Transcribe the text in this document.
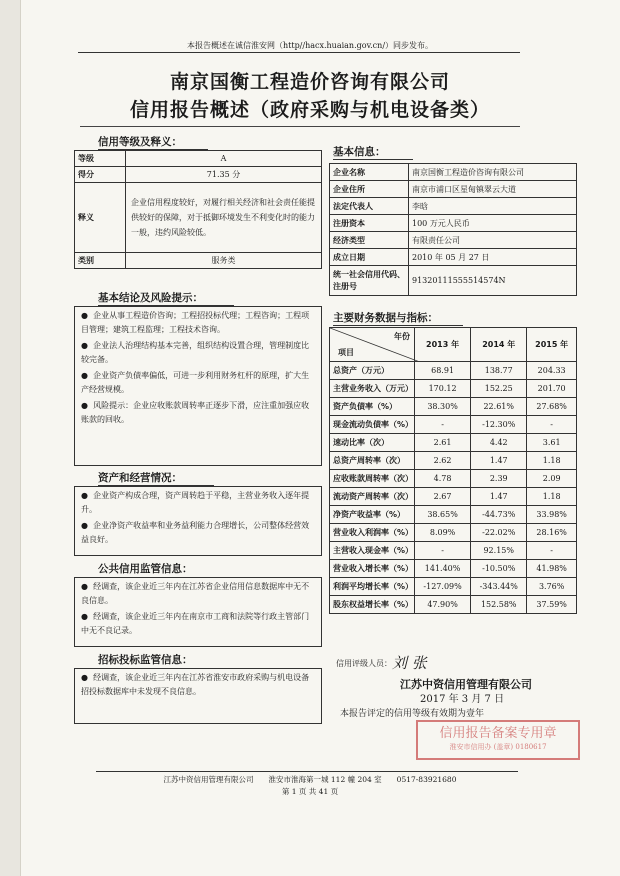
本报告概述在诚信淮安网（http//hacx.huaian.gov.cn/）同步发布。
南京国衡工程造价咨询有限公司
信用报告概述（政府采购与机电设备类）
信用等级及释义：
等级	A
得分	71.35 分
释义	企业信用程度较好，对履行相关经济和社会责任能提供较好的保障，对于抵御环境发生不利变化时的能力一般，违约风险较低。
类别	服务类
基本结论及风险提示：

●  企业从事工程造价咨询；工程招投标代理；工程咨询；工程项目管理；建筑工程监理；工程技术咨询。

●  企业法人治理结构基本完善，组织结构设置合理，管理制度比较完备。

●  企业资产负债率偏低，可进一步利用财务杠杆的原理，扩大生产经营规模。

●  风险提示：企业应收账款周转率正逐步下滑，应注重加强应收账款的回收。

资产和经营情况：

●  企业资产构成合理，资产周转趋于平稳，主营业务收入逐年提升。

●  企业净资产收益率和业务益利能力合理增长，公司整体经营效益良好。

公共信用监管信息：

●  经调查，该企业近三年内在江苏省企业信用信息数据库中无不良信息。

●  经调查，该企业近三年内在南京市工商和法院等行政主管部门中无不良记录。

招标投标监管信息：

●  经调查，该企业近三年内在江苏省淮安市政府采购与机电设备招投标数据库中未发现不良信息。

基本信息：
企业名称	南京国衡工程造价咨询有限公司
企业住所	南京市浦口区星甸镇翠云大道
法定代表人	李晗
注册资本	100 万元人民币
经济类型	有限责任公司
成立日期	2010 年 05 月 27 日
统一社会信用代码、注册号	91320111555514574N
主要财务数据与指标：
年份
项目	2013 年	2014 年	2015 年
总资产（万元）	68.91	138.77	204.33
主营业务收入（万元）	170.12	152.25	201.70
资产负债率（%）	38.30%	22.61%	27.68%
现金流动负债率（%）	-	-12.30%	-
速动比率（次）	2.61	4.42	3.61
总资产周转率（次）	2.62	1.47	1.18
应收账款周转率（次）	4.78	2.39	2.09
流动资产周转率（次）	2.67	1.47	1.18
净资产收益率（%）	38.65%	-44.73%	33.98%
营业收入利润率（%）	8.09%	-22.02%	28.16%
主营收入现金率（%）	-	92.15%	-
营业收入增长率（%）	141.40%	-10.50%	41.98%
利润平均增长率（%）	-127.09%	-343.44%	3.76%
股东权益增长率（%）	47.90%	152.58%	37.59%
信用评级人员： 刘 张
江苏中资信用管理有限公司
2017 年 3 月 7 日
本报告评定的信用等级有效期为壹年
信用报告备案专用章
淮安市信用办 (盖章) 0180617
江苏中资信用管理有限公司　　淮安市淮海第一城 112 幢 204 室　　0517-83921680
第 1 页 共 41 页
